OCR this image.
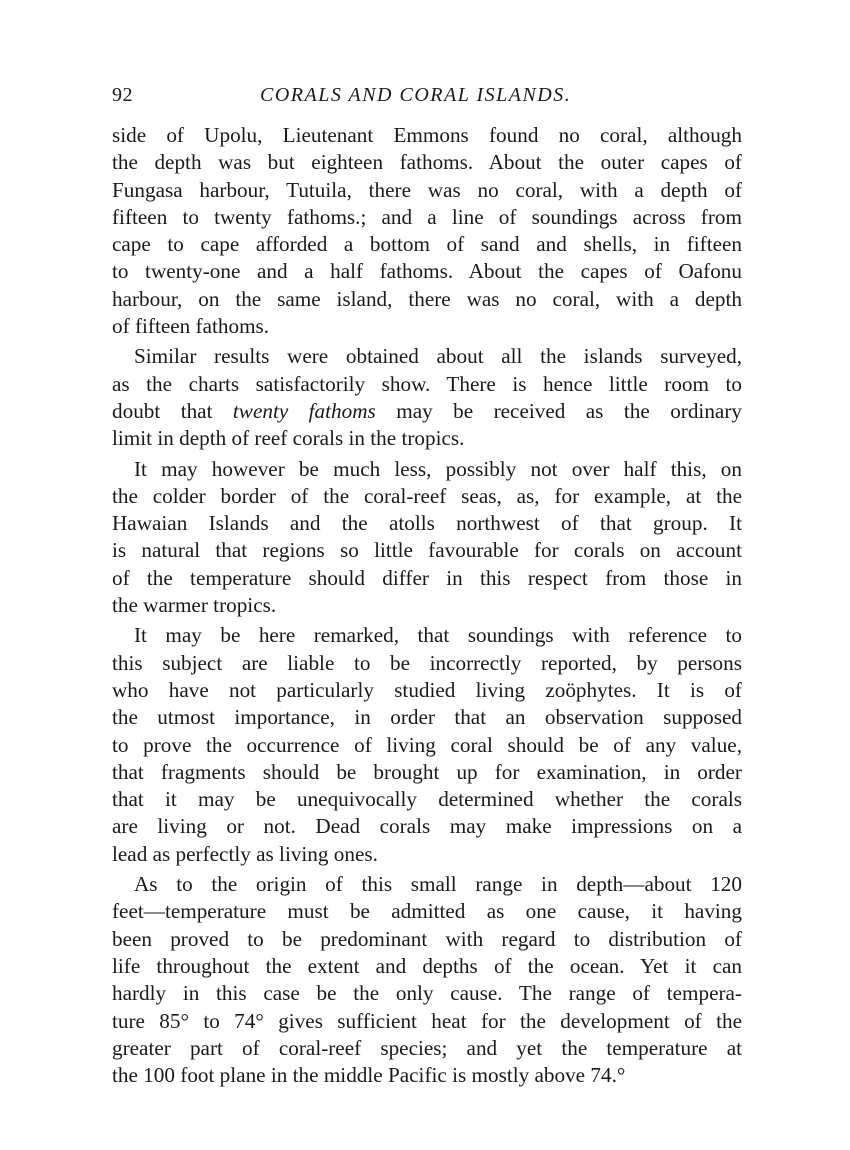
92	CORALS AND CORAL ISLANDS.
side of Upolu, Lieutenant Emmons found no coral, although
the depth was but eighteen fathoms. About the outer capes of
Fungasa harbour, Tutuila, there was no coral, with a depth of
fifteen to twenty fathoms.; and a line of soundings across from
cape to cape afforded a bottom of sand and shells, in fifteen
to twenty-one and a half fathoms. About the capes of Oafonu
harbour, on the same island, there was no coral, with a depth
of fifteen fathoms.
Similar results were obtained about all the islands surveyed,
as the charts satisfactorily show. There is hence little room to
doubt that twenty fathoms may be received as the ordinary
limit in depth of reef corals in the tropics.
It may however be much less, possibly not over half this, on
the colder border of the coral-reef seas, as, for example, at the
Hawaian Islands and the atolls northwest of that group. It
is natural that regions so little favourable for corals on account
of the temperature should differ in this respect from those in
the warmer tropics.
It may be here remarked, that soundings with reference to
this subject are liable to be incorrectly reported, by persons
who have not particularly studied living zoöphytes. It is of
the utmost importance, in order that an observation supposed
to prove the occurrence of living coral should be of any value,
that fragments should be brought up for examination, in order
that it may be unequivocally determined whether the corals
are living or not. Dead corals may make impressions on a
lead as perfectly as living ones.
As to the origin of this small range in depth—about 120
feet—temperature must be admitted as one cause, it having
been proved to be predominant with regard to distribution of
life throughout the extent and depths of the ocean. Yet it can
hardly in this case be the only cause. The range of tempera-
ture 85° to 74° gives sufficient heat for the development of the
greater part of coral-reef species; and yet the temperature at
the 100 foot plane in the middle Pacific is mostly above 74.°
